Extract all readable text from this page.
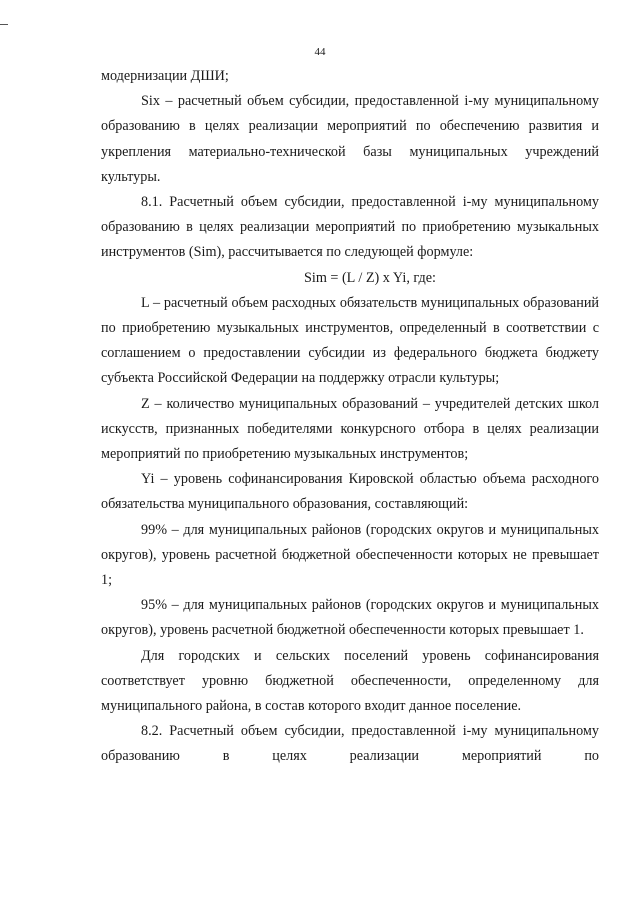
44

модернизации ДШИ;

Six – расчетный объем субсидии, предоставленной i-му муниципальному образованию в целях реализации мероприятий по обеспечению развития и укрепления материально-технической базы муниципальных учреждений культуры.

8.1. Расчетный объем субсидии, предоставленной i-му муниципальному образованию в целях реализации мероприятий по приобретению музыкальных инструментов (Sim), рассчитывается по следующей формуле:

Sim = (L / Z) x Yi, где:

L – расчетный объем расходных обязательств муниципальных образований по приобретению музыкальных инструментов, определенный в соответствии с соглашением о предоставлении субсидии из федерального бюджета бюджету субъекта Российской Федерации на поддержку отрасли культуры;

Z – количество муниципальных образований – учредителей детских школ искусств, признанных победителями конкурсного отбора в целях реализации мероприятий по приобретению музыкальных инструментов;

Yi – уровень софинансирования Кировской областью объема расходного обязательства муниципального образования, составляющий:

99% – для муниципальных районов (городских округов и муниципальных округов), уровень расчетной бюджетной обеспеченности которых не превышает 1;

95% – для муниципальных районов (городских округов и муниципальных округов), уровень расчетной бюджетной обеспеченности которых превышает 1.

Для городских и сельских поселений уровень софинансирования соответствует уровню бюджетной обеспеченности, определенному для муниципального района, в состав которого входит данное поселение.

8.2. Расчетный объем субсидии, предоставленной i-му муниципальному образованию в целях реализации мероприятий по
